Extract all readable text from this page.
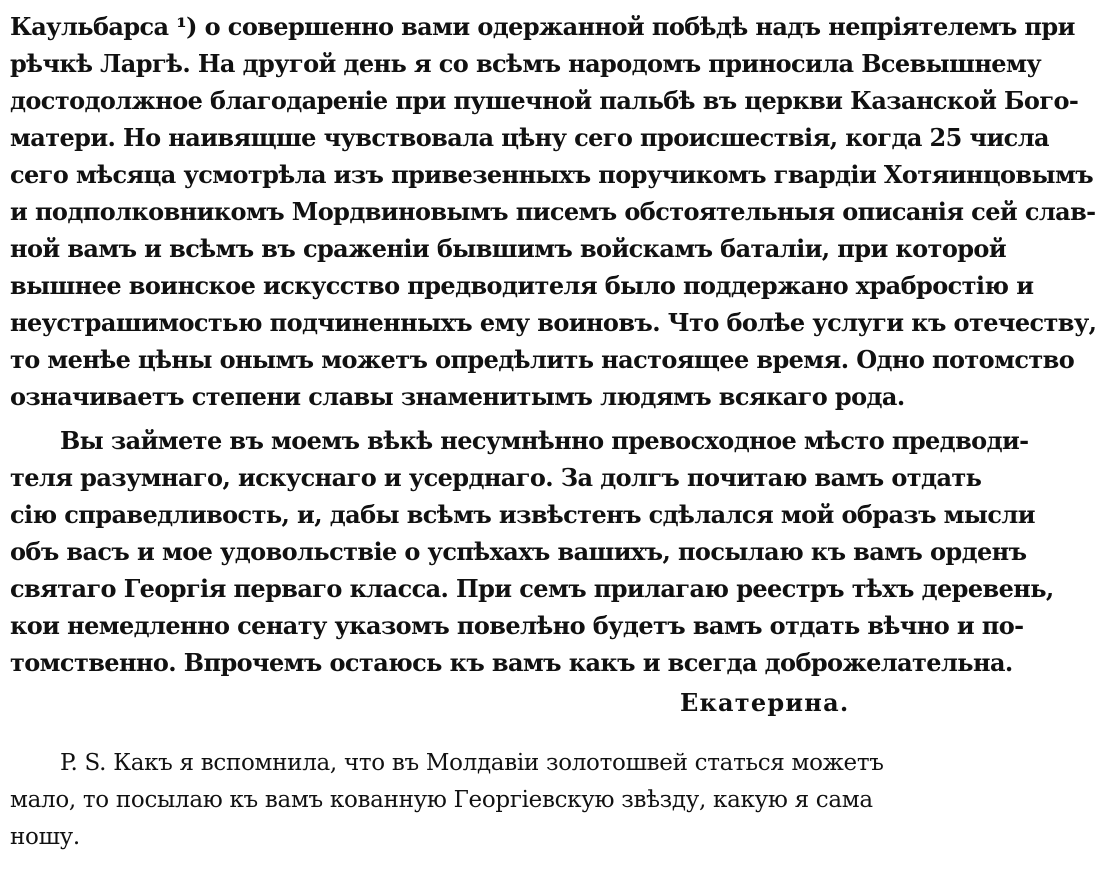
Каульбарса ¹) о совершенно вами одержанной побѣдѣ надъ непріятелемъ при
рѣчкѣ Ларгѣ. На другой день я со всѣмъ народомъ приносила Всевышнему
достодолжное благодареніе при пушечной пальбѣ въ церкви Казанской Бого-
матери. Но наивящше чувствовала цѣну сего происшествія, когда 25 числа
сего мѣсяца усмотрѣла изъ привезенныхъ поручикомъ гвардіи Хотяинцовымъ
и подполковникомъ Мордвиновымъ писемъ обстоятельныя описанія сей слав-
ной вамъ и всѣмъ въ сраженіи бывшимъ войскамъ баталіи, при которой
вышнее воинское искусство предводителя было поддержано храбростію и
неустрашимостью подчиненныхъ ему воиновъ. Что болѣе услуги къ отечеству,
то менѣе цѣны онымъ можетъ опредѣлить настоящее время. Одно потомство
означиваетъ степени славы знаменитымъ людямъ всякаго рода.
Вы займете въ моемъ вѣкѣ несумнѣнно превосходное мѣсто предводи-
теля разумнаго, искуснаго и усерднаго. За долгъ почитаю вамъ отдать
сію справедливость, и, дабы всѣмъ извѣстенъ сдѣлался мой образъ мысли
объ васъ и мое удовольствіе о успѣхахъ вашихъ, посылаю къ вамъ орденъ
святаго Георгія перваго класса. При семъ прилагаю реестръ тѣхъ деревень,
кои немедленно сенату указомъ повелѣно будетъ вамъ отдать вѣчно и по-
томственно. Впрочемъ остаюсь къ вамъ какъ и всегда доброжелательна.
Екатерина.
P. S. Какъ я вспомнила, что въ Молдавіи золотошвей статься можетъ
мало, то посылаю къ вамъ кованную Георгіевскую звѣзду, какую я сама
ношу.
